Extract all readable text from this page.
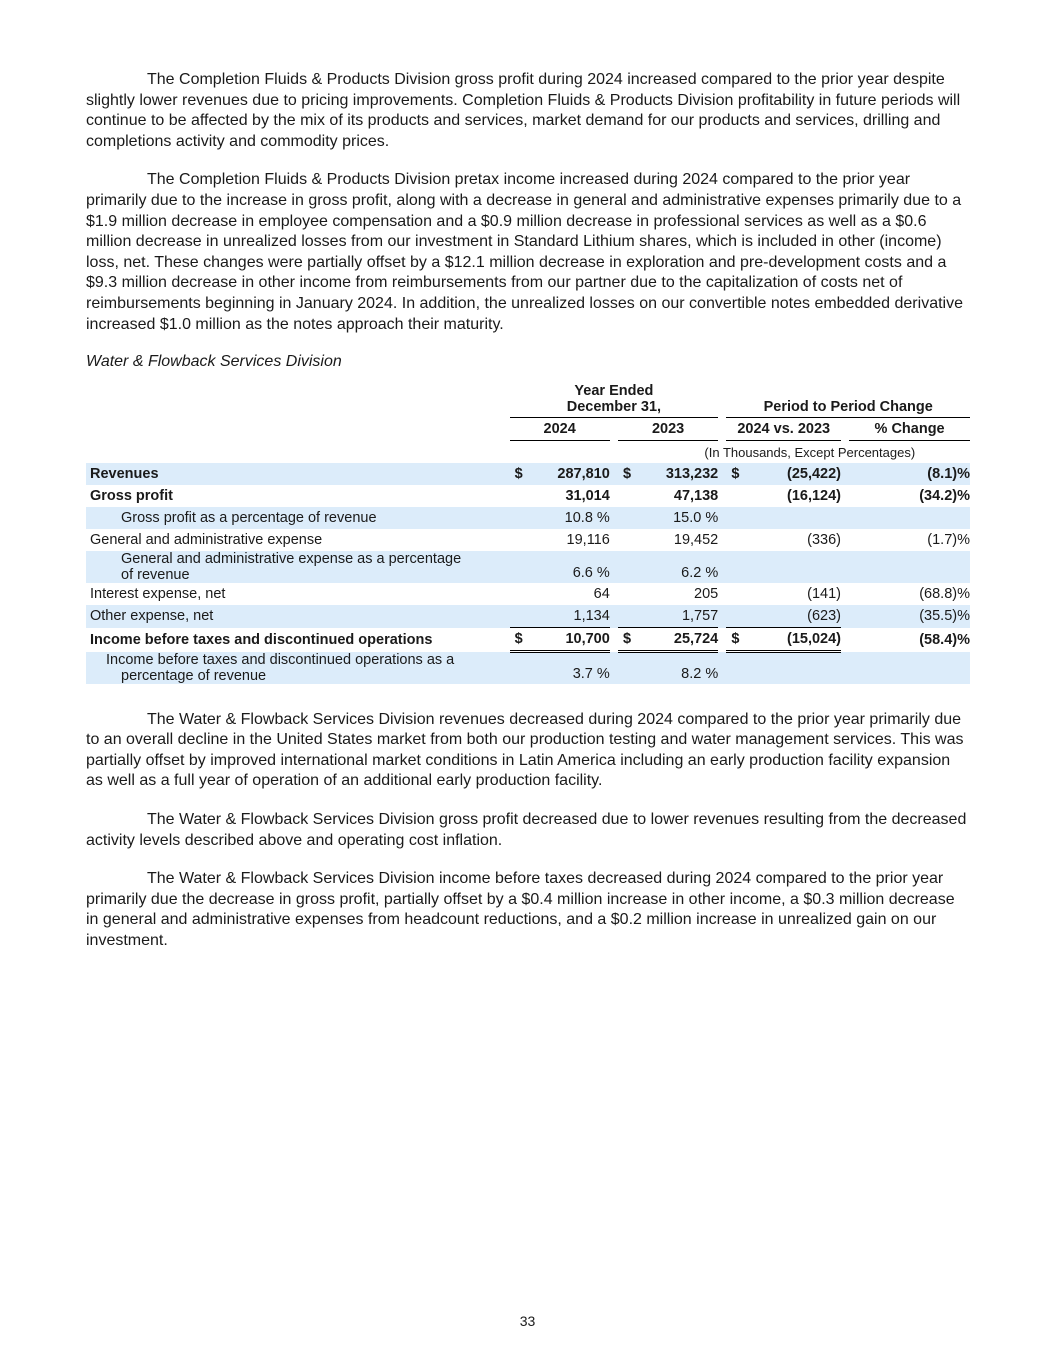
The Completion Fluids & Products Division gross profit during 2024 increased compared to the prior year despite slightly lower revenues due to pricing improvements. Completion Fluids & Products Division profitability in future periods will continue to be affected by the mix of its products and services, market demand for our products and services, drilling and completions activity and commodity prices.

The Completion Fluids & Products Division pretax income increased during 2024 compared to the prior year primarily due to the increase in gross profit, along with a decrease in general and administrative expenses primarily due to a $1.9 million decrease in employee compensation and a $0.9 million decrease in professional services as well as a $0.6 million decrease in unrealized losses from our investment in Standard Lithium shares, which is included in other (income) loss, net. These changes were partially offset by a $12.1 million decrease in exploration and pre-development costs and a $9.3 million decrease in other income from reimbursements from our partner due to the capitalization of costs net of reimbursements beginning in January 2024. In addition, the unrealized losses on our convertible notes embedded derivative increased $1.0 million as the notes approach their maturity.

Water & Flowback Services Division
	Year Ended
December 31,						Period to Period Change			
	2024			2023			2024 vs. 2023			% Change
	(In Thousands, Except Percentages)									
Revenues	$	287,810		$	313,232		$	(25,422)		(8.1)%
Gross profit		31,014			47,138			(16,124)		(34.2)%
Gross profit as a percentage of revenue		10.8 %			15.0 %					
General and administrative expense		19,116			19,452			(336)		(1.7)%
General and administrative expense as a percentage
of revenue		6.6 %			6.2 %					
Interest expense, net		64			205			(141)		(68.8)%
Other expense, net		1,134			1,757			(623)		(35.5)%
Income before taxes and discontinued operations	$	10,700		$	25,724		$	(15,024)		(58.4)%
Income before taxes and discontinued operations as a
percentage of revenue		3.7 %			8.2 %					

The Water & Flowback Services Division revenues decreased during 2024 compared to the prior year primarily due to an overall decline in the United States market from both our production testing and water management services. This was partially offset by improved international market conditions in Latin America including an early production facility expansion as well as a full year of operation of an additional early production facility.

The Water & Flowback Services Division gross profit decreased due to lower revenues resulting from the decreased activity levels described above and operating cost inflation.

The Water & Flowback Services Division income before taxes decreased during 2024 compared to the prior year primarily due the decrease in gross profit, partially offset by a $0.4 million increase in other income, a $0.3 million decrease in general and administrative expenses from headcount reductions, and a $0.2 million increase in unrealized gain on our investment.

33
